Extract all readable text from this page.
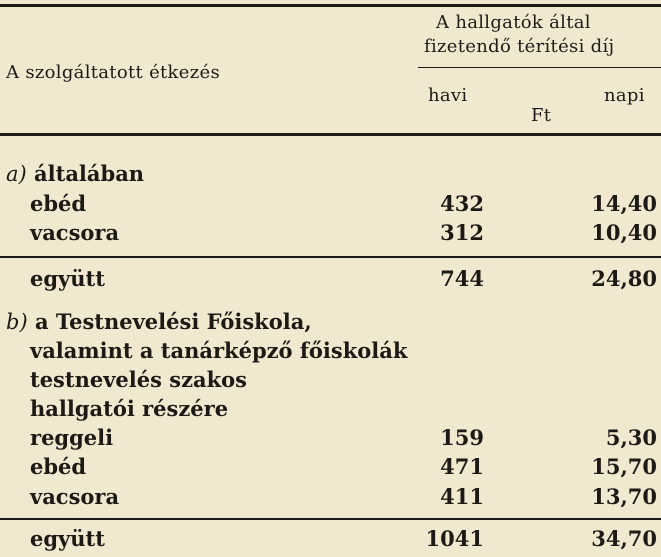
A szolgáltatott étkezés
A hallgatók által
fizetendő térítési díj
havi	napi
Ft
a) általában
ebéd	432	14,40
vacsora	312	10,40
együtt	744	24,80
b) a Testnevelési Főiskola,
valamint a tanárképző főiskolák
testnevelés szakos
hallgatói részére
reggeli	159	5,30
ebéd	471	15,70
vacsora	411	13,70
együtt	1041	34,70
